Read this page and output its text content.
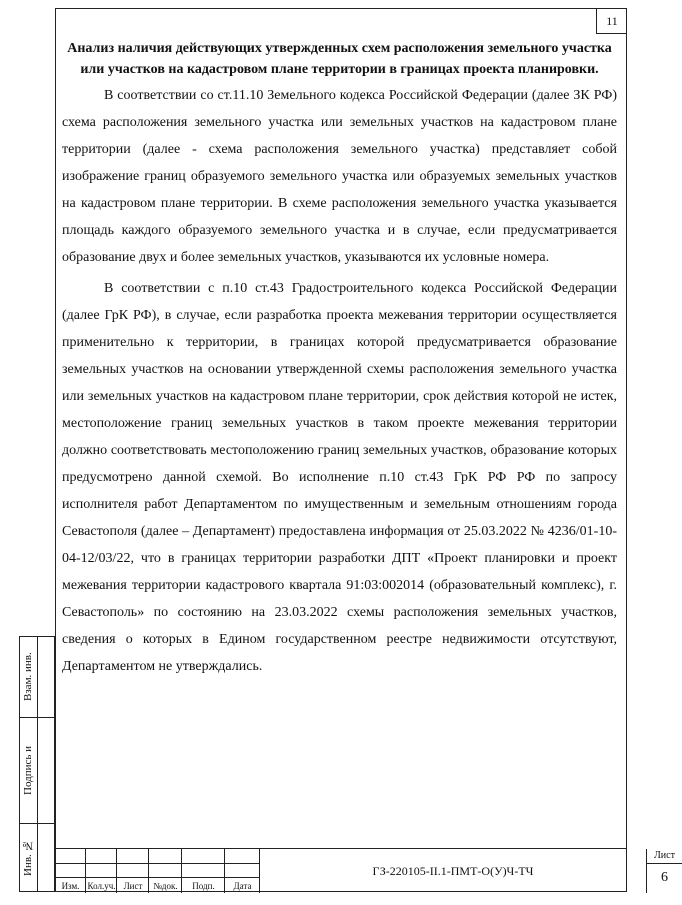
11

Анализ наличия действующих утвержденных схем расположения земельного участка или участков на кадастровом плане территории в границах проекта планировки.

В соответствии со ст.11.10 Земельного кодекса Российской Федерации (далее ЗК РФ) схема расположения земельного участка или земельных участков на кадастровом плане территории (далее - схема расположения земельного участка) представляет собой изображение границ образуемого земельного участка или образуемых земельных участков на кадастровом плане территории. В схеме расположения земельного участка указывается площадь каждого образуемого земельного участка и в случае, если предусматривается образование двух и более земельных участков, указываются их условные номера.

В соответствии с п.10 ст.43 Градостроительного кодекса Российской Федерации (далее ГрК РФ), в случае, если разработка проекта межевания территории осуществляется применительно к территории, в границах которой предусматривается образование земельных участков на основании утвержденной схемы расположения земельного участка или земельных участков на кадастровом плане территории, срок действия которой не истек, местоположение границ земельных участков в таком проекте межевания территории должно соответствовать местоположению границ земельных участков, образование которых предусмотрено данной схемой. Во исполнение п.10 ст.43 ГрК РФ РФ по запросу исполнителя работ Департаментом по имущественным и земельным отношениям города Севастополя (далее – Департамент) предоставлена информация от 25.03.2022 № 4236/01-10-04-12/03/22, что в границах территории разработки ДПТ «Проект планировки и проект межевания территории кадастрового квартала 91:03:002014 (образовательный комплекс), г. Севастополь» по состоянию на 23.03.2022 схемы расположения земельных участков, сведения о которых в Едином государственном реестре недвижимости отсутствуют, Департаментом не утверждались.

Взам. инв.
Подпись и
Инв. №
Изм. Кол.уч. Лист	№док.	Подп.	Дата
ГЗ-220105-II.1-ПМТ-О(У)Ч-ТЧ
Лист
6
